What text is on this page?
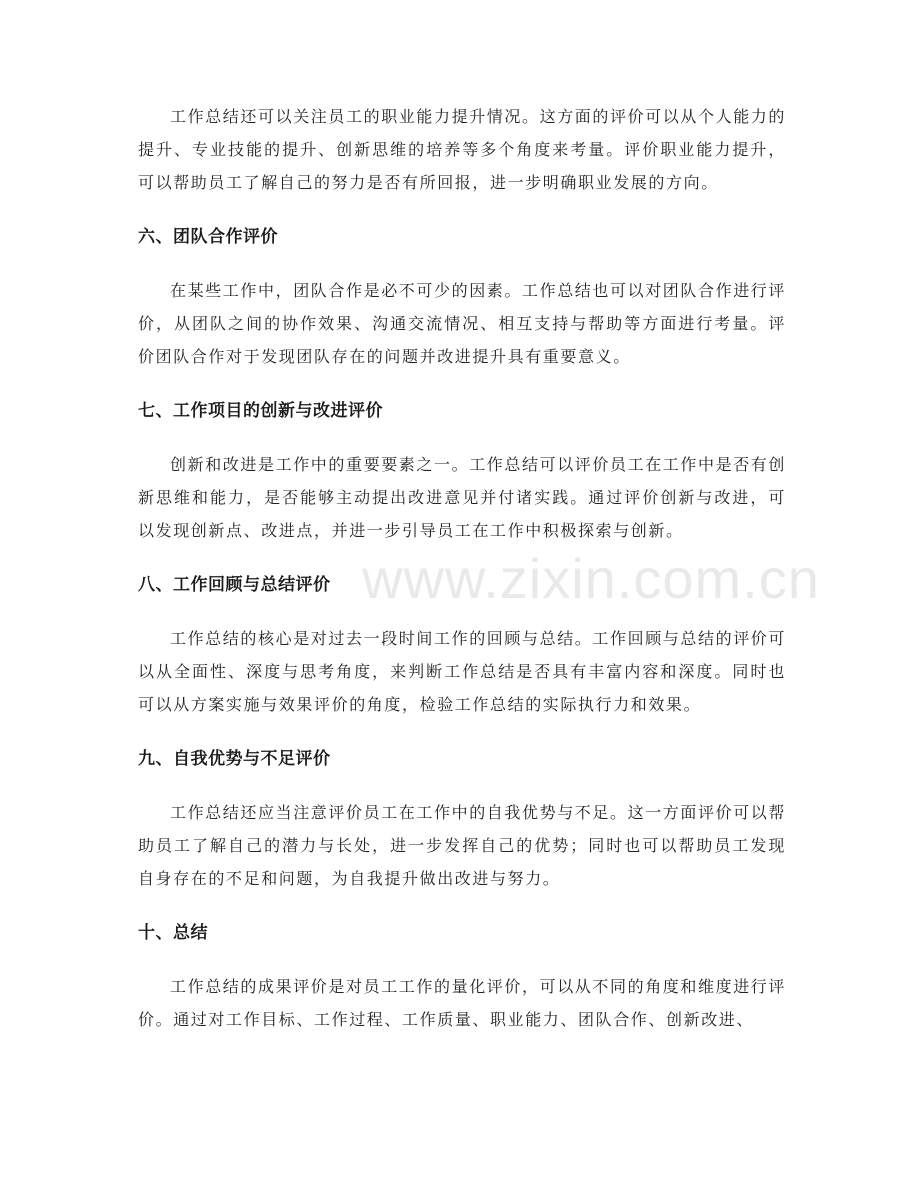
www.zixin.com.cn

工作总结还可以关注员工的职业能力提升情况。这方面的评价可以从个人能力的提升、专业技能的提升、创新思维的培养等多个角度来考量。评价职业能力提升，可以帮助员工了解自己的努力是否有所回报，进一步明确职业发展的方向。

六、团队合作评价

在某些工作中，团队合作是必不可少的因素。工作总结也可以对团队合作进行评价，从团队之间的协作效果、沟通交流情况、相互支持与帮助等方面进行考量。评价团队合作对于发现团队存在的问题并改进提升具有重要意义。

七、工作项目的创新与改进评价

创新和改进是工作中的重要要素之一。工作总结可以评价员工在工作中是否有创新思维和能力，是否能够主动提出改进意见并付诸实践。通过评价创新与改进，可以发现创新点、改进点，并进一步引导员工在工作中积极探索与创新。

八、工作回顾与总结评价

工作总结的核心是对过去一段时间工作的回顾与总结。工作回顾与总结的评价可以从全面性、深度与思考角度，来判断工作总结是否具有丰富内容和深度。同时也可以从方案实施与效果评价的角度，检验工作总结的实际执行力和效果。

九、自我优势与不足评价

工作总结还应当注意评价员工在工作中的自我优势与不足。这一方面评价可以帮助员工了解自己的潜力与长处，进一步发挥自己的优势；同时也可以帮助员工发现自身存在的不足和问题，为自我提升做出改进与努力。

十、总结

工作总结的成果评价是对员工工作的量化评价，可以从不同的角度和维度进行评价。通过对工作目标、工作过程、工作质量、职业能力、团队合作、创新改进、
